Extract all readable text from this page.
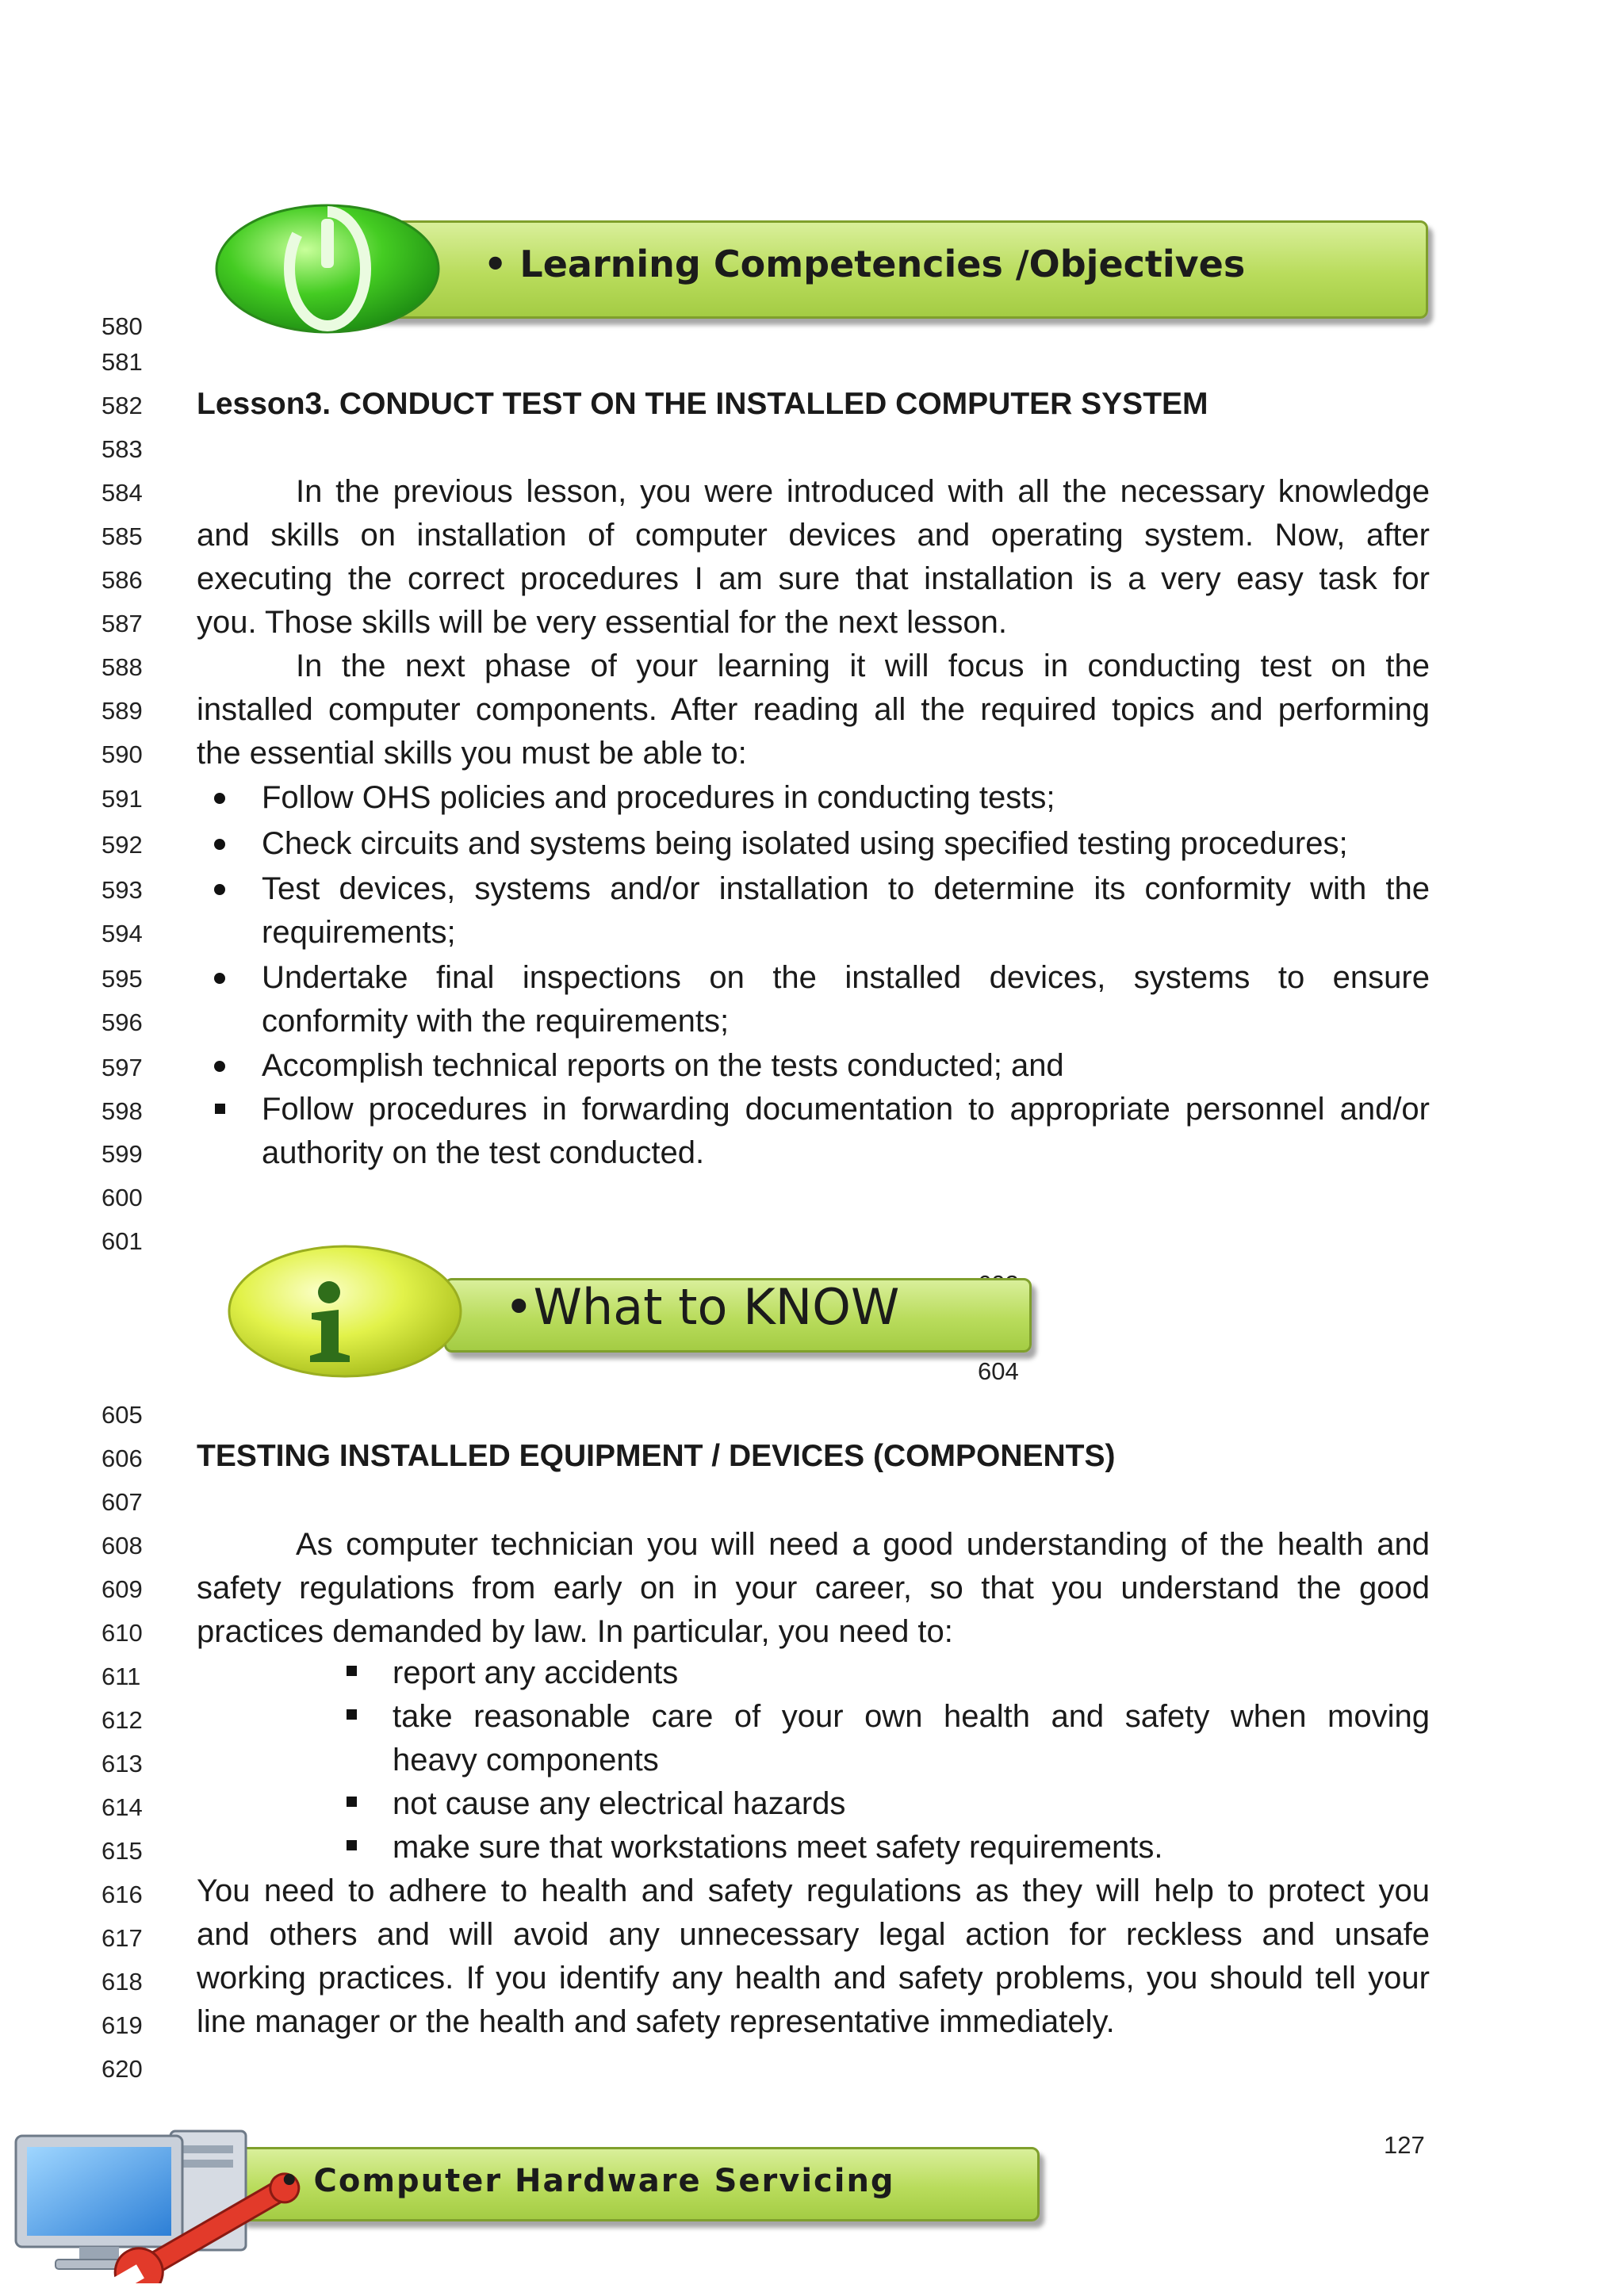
• Learning Competencies /Objectives
580
581
582
583
584
585
586
587
588
589
590
591
592
593
594
595
596
597
598
599
600
601
604
605
606
607
608
609
610
611
612
613
614
615
616
617
618
619
620
Lesson3. CONDUCT TEST ON THE INSTALLED COMPUTER SYSTEM
In the previous lesson, you were introduced with all the necessary knowledge
and skills on installation of computer devices and operating system. Now, after
executing the correct procedures I am sure that installation is a very easy task for
you. Those skills will be very essential for the next lesson.
In the next phase of your learning it will focus in conducting test on the
installed computer components. After reading all the required topics and performing
the essential skills you must be able to:
Follow OHS policies and procedures in conducting tests;
Check circuits and systems being isolated using specified testing procedures;
Test devices, systems and/or installation to determine its conformity with the
requirements;
Undertake final inspections on the installed devices, systems to ensure
conformity with the requirements;
Accomplish technical reports on the tests conducted; and
Follow procedures in forwarding documentation to appropriate personnel and/or
authority on the test conducted.
•What to KNOW
TESTING INSTALLED EQUIPMENT / DEVICES (COMPONENTS)
As computer technician you will need a good understanding of the health and
safety regulations from early on in your career, so that you understand the good
practices demanded by law. In particular, you need to:
report any accidents
take reasonable care of your own health and safety when moving
heavy components
not cause any electrical hazards
make sure that workstations meet safety requirements.
You need to adhere to health and safety regulations as they will help to protect you
and others and will avoid any unnecessary legal action for reckless and unsafe
working practices. If you identify any health and safety problems, you should tell your
line manager or the health and safety representative immediately.
127
• Computer Hardware Servicing
